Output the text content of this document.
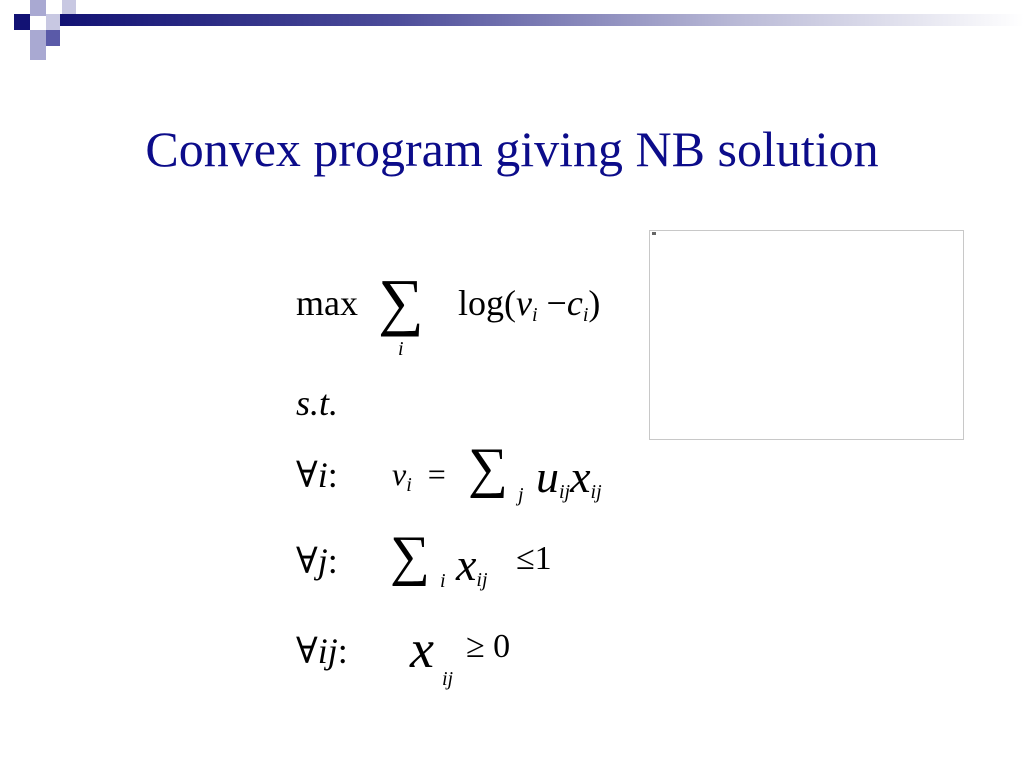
Convex program giving NB solution
max ∑
i
$\log(v_i -c_i)$
s.t.
∀i: $v_i$ = ∑ j $u_{ij}x_{ij}$
∀j: ∑ i $x_{ij}$
≤1
∀ij: x ij
≥ 0
